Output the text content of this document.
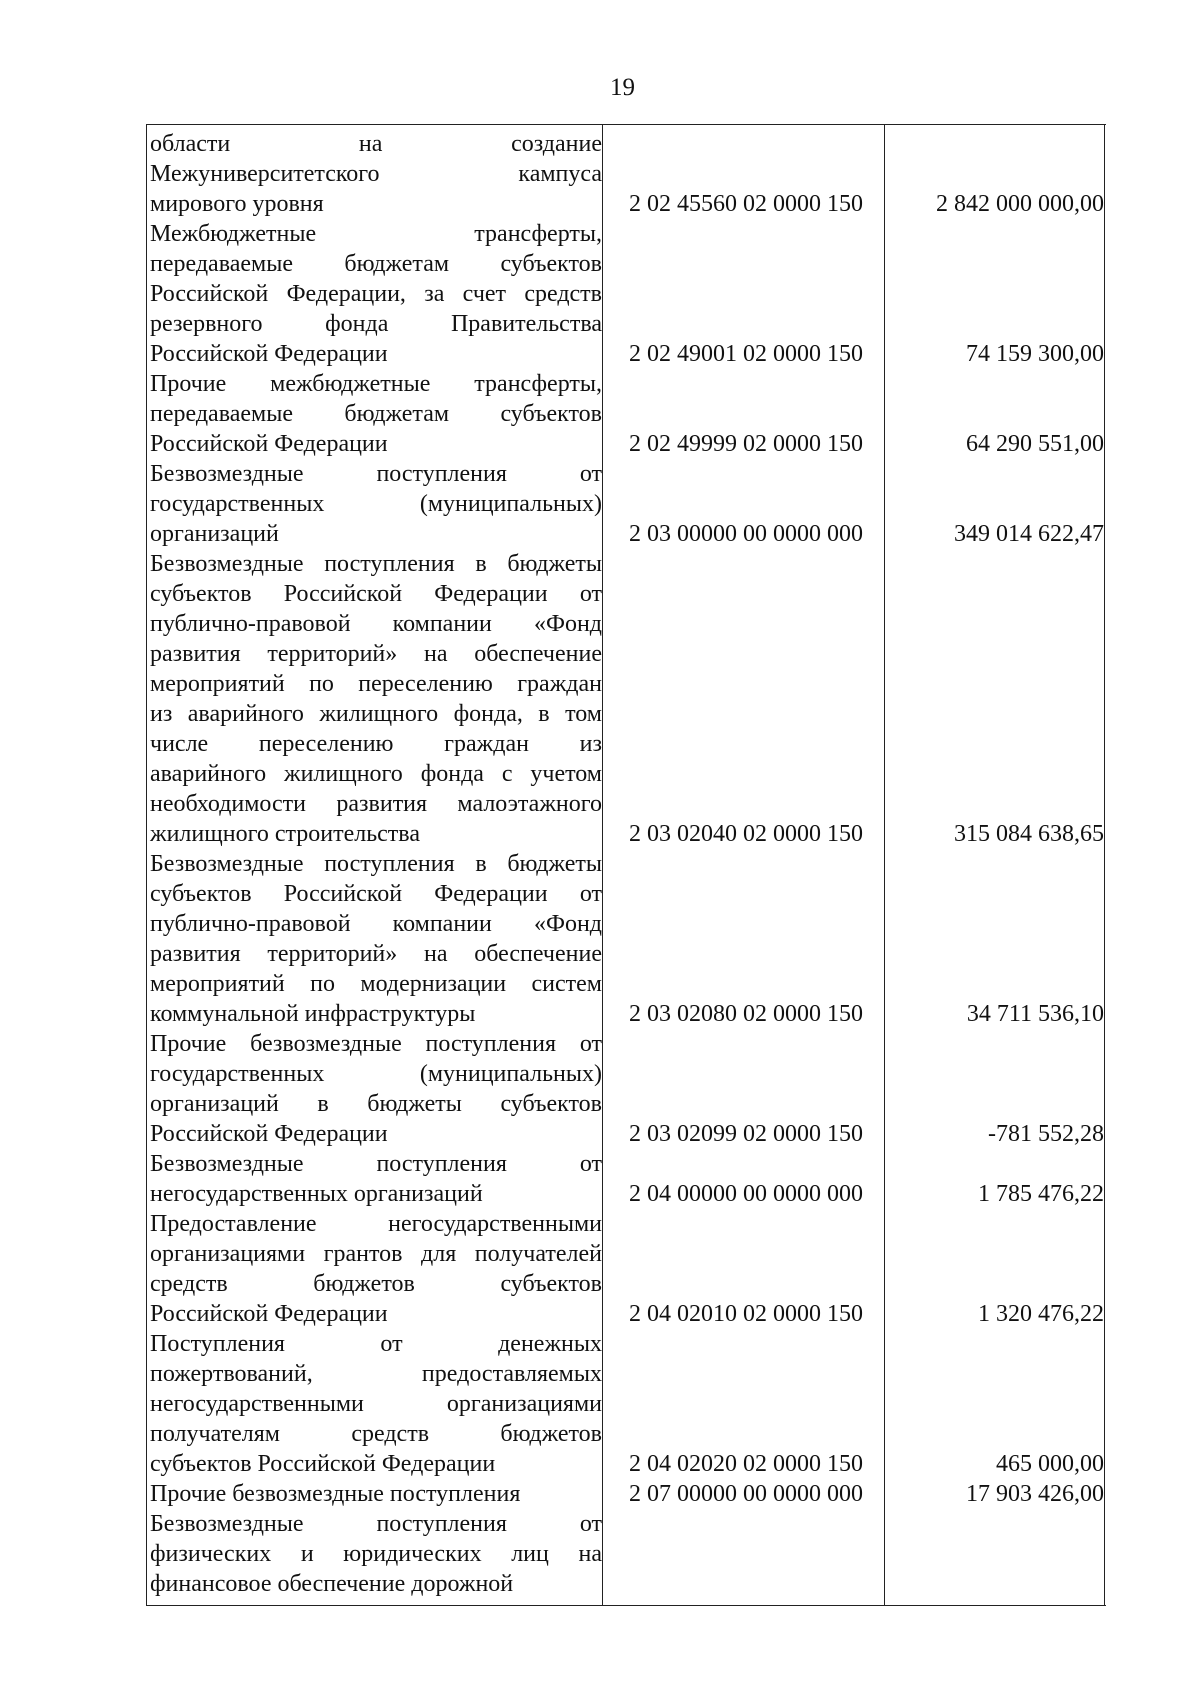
19
области на создание
Межуниверситетского кампуса
мирового уровня	2 02 45560 02 0000 150	2 842 000 000,00
Межбюджетные трансферты,
передаваемые бюджетам субъектов
Российской Федерации, за счет средств
резервного фонда Правительства
Российской Федерации	2 02 49001 02 0000 150	74 159 300,00
Прочие межбюджетные трансферты,
передаваемые бюджетам субъектов
Российской Федерации	2 02 49999 02 0000 150	64 290 551,00
Безвозмездные поступления от
государственных (муниципальных)
организаций	2 03 00000 00 0000 000	349 014 622,47
Безвозмездные поступления в бюджеты
субъектов Российской Федерации от
публично-правовой компании «Фонд
развития территорий» на обеспечение
мероприятий по переселению граждан
из аварийного жилищного фонда, в том
числе переселению граждан из
аварийного жилищного фонда с учетом
необходимости развития малоэтажного
жилищного строительства	2 03 02040 02 0000 150	315 084 638,65
Безвозмездные поступления в бюджеты
субъектов Российской Федерации от
публично-правовой компании «Фонд
развития территорий» на обеспечение
мероприятий по модернизации систем
коммунальной инфраструктуры	2 03 02080 02 0000 150	34 711 536,10
Прочие безвозмездные поступления от
государственных (муниципальных)
организаций в бюджеты субъектов
Российской Федерации	2 03 02099 02 0000 150	-781 552,28
Безвозмездные поступления от
негосударственных организаций	2 04 00000 00 0000 000	1 785 476,22
Предоставление негосударственными
организациями грантов для получателей
средств бюджетов субъектов
Российской Федерации	2 04 02010 02 0000 150	1 320 476,22
Поступления от денежных
пожертвований, предоставляемых
негосударственными организациями
получателям средств бюджетов
субъектов Российской Федерации	2 04 02020 02 0000 150	465 000,00
Прочие безвозмездные поступления	2 07 00000 00 0000 000	17 903 426,00
Безвозмездные поступления от
физических и юридических лиц на
финансовое обеспечение дорожной
